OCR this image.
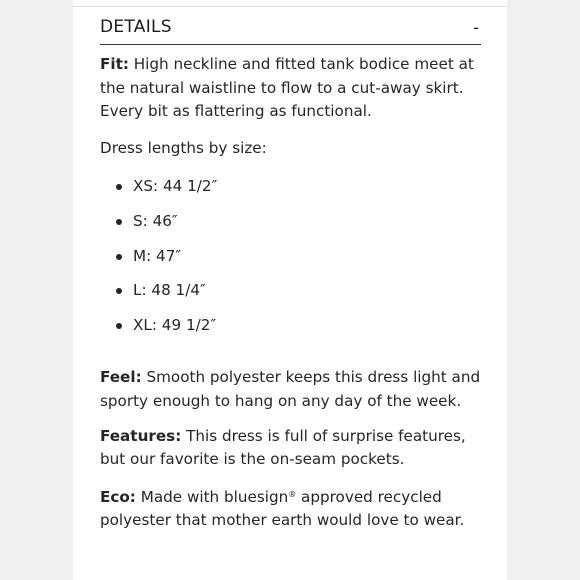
DETAILS	-

Fit: High neckline and fitted tank bodice meet at the natural waistline to flow to a cut-away skirt. Every bit as flattering as functional.

Dress lengths by size:

XS: 44 1/2″
S: 46″
M: 47″
L: 48 1/4″
XL: 49 1/2″

Feel: Smooth polyester keeps this dress light and sporty enough to hang on any day of the week.

Features: This dress is full of surprise features, but our favorite is the on-seam pockets.

Eco: Made with bluesign® approved recycled polyester that mother earth would love to wear.
